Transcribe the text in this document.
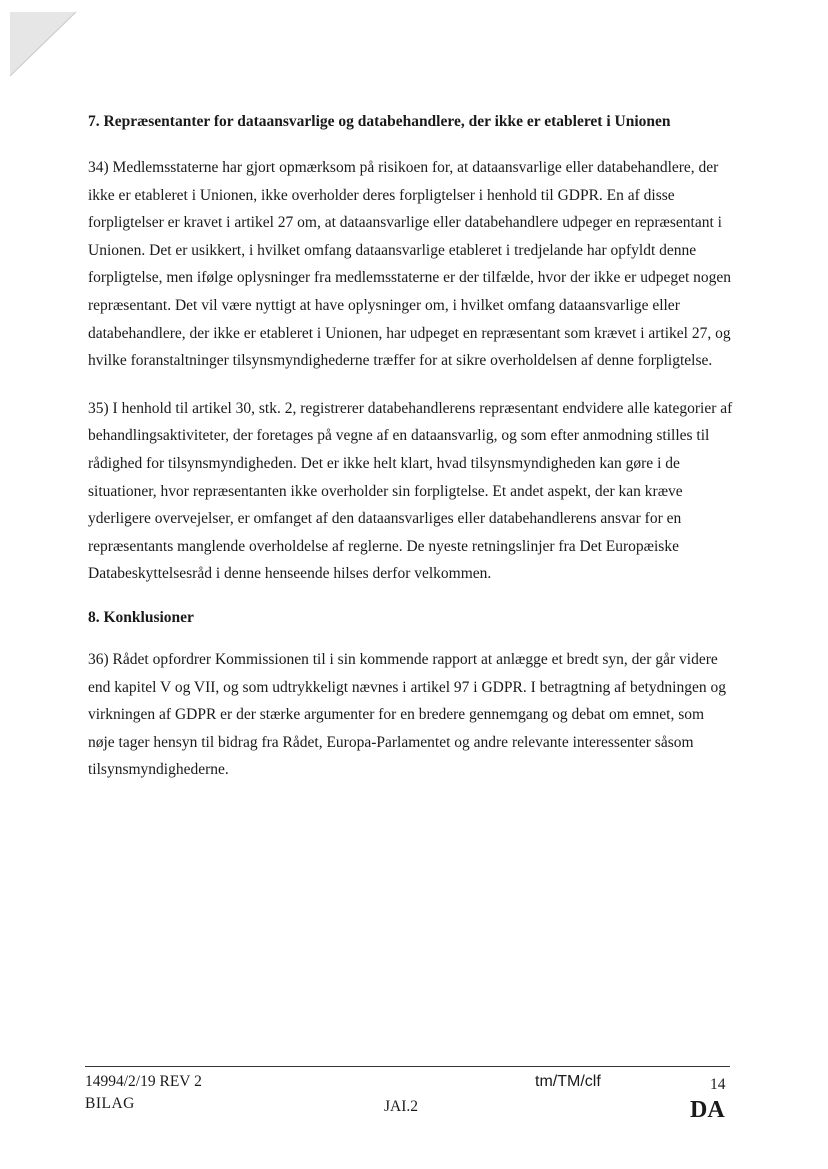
7. Repræsentanter for dataansvarlige og databehandlere, der ikke er etableret i Unionen

34) Medlemsstaterne har gjort opmærksom på risikoen for, at dataansvarlige eller databehandlere, der ikke er etableret i Unionen, ikke overholder deres forpligtelser i henhold til GDPR. En af disse forpligtelser er kravet i artikel 27 om, at dataansvarlige eller databehandlere udpeger en repræsentant i Unionen. Det er usikkert, i hvilket omfang dataansvarlige etableret i tredjelande har opfyldt denne forpligtelse, men ifølge oplysninger fra medlemsstaterne er der tilfælde, hvor der ikke er udpeget nogen repræsentant. Det vil være nyttigt at have oplysninger om, i hvilket omfang dataansvarlige eller databehandlere, der ikke er etableret i Unionen, har udpeget en repræsentant som krævet i artikel 27, og hvilke foranstaltninger tilsynsmyndighederne træffer for at sikre overholdelsen af denne forpligtelse.

35) I henhold til artikel 30, stk. 2, registrerer databehandlerens repræsentant endvidere alle kategorier af behandlingsaktiviteter, der foretages på vegne af en dataansvarlig, og som efter anmodning stilles til rådighed for tilsynsmyndigheden. Det er ikke helt klart, hvad tilsynsmyndigheden kan gøre i de situationer, hvor repræsentanten ikke overholder sin forpligtelse. Et andet aspekt, der kan kræve yderligere overvejelser, er omfanget af den dataansvarliges eller databehandlerens ansvar for en repræsentants manglende overholdelse af reglerne. De nyeste retningslinjer fra Det Europæiske Databeskyttelsesråd i denne henseende hilses derfor velkommen.

8. Konklusioner

36) Rådet opfordrer Kommissionen til i sin kommende rapport at anlægge et bredt syn, der går videre end kapitel V og VII, og som udtrykkeligt nævnes i artikel 97 i GDPR. I betragtning af betydningen og virkningen af GDPR er der stærke argumenter for en bredere gennemgang og debat om emnet, som nøje tager hensyn til bidrag fra Rådet, Europa-Parlamentet og andre relevante interessenter såsom tilsynsmyndighederne.

14994/2/19 REV 2
BILAG
tm/TM/clf
JAI.2
14
DA
